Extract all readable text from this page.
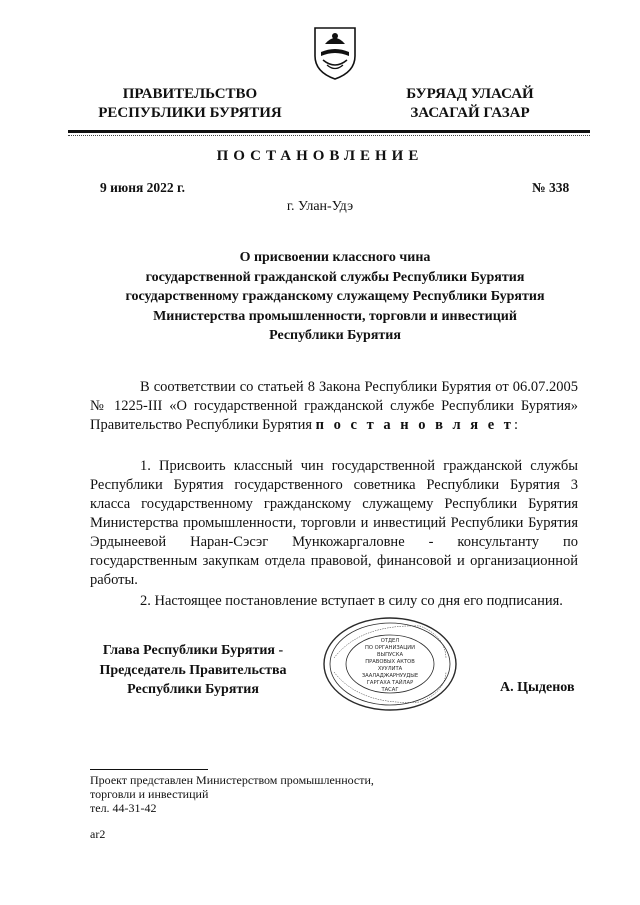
ПРАВИТЕЛЬСТВО
РЕСПУБЛИКИ БУРЯТИЯ
БУРЯАД УЛАСАЙ
ЗАСАГАЙ ГАЗАР
ПОСТАНОВЛЕНИЕ
9 июня 2022 г.	№ 338
г. Улан-Удэ
О присвоении классного чина
государственной гражданской службы Республики Бурятия
государственному гражданскому служащему Республики Бурятия
Министерства промышленности, торговли и инвестиций
Республики Бурятия
В соответствии со статьей 8 Закона Республики Бурятия от 06.07.2005 № 1225-III «О государственной гражданской службе Республики Бурятия» Правительство Республики Бурятия п о с т а н о в л я е т:
1. Присвоить классный чин государственной гражданской службы Республики Бурятия государственного советника Республики Бурятия 3 класса государственному гражданскому служащему Республики Бурятия Министерства промышленности, торговли и инвестиций Республики Бурятия Эрдынеевой Наран-Сэсэг Мункожаргаловне - консультанту по государственным закупкам отдела правовой, финансовой и организационной работы.
2. Настоящее постановление вступает в силу со дня его подписания.
Глава Республики Бурятия -
Председатель Правительства
Республики Бурятия
ОТДЕЛ
ПО ОРГАНИЗАЦИИ
ВЫПУСКА
ПРАВОВЫХ АКТОВ
ХУУЛИТА
ЗААЛАДЖАРНУУДЫЕ
ГАРГАХА ТАЙЛАР
ТАСАГ	А. Цыденов
Проект представлен Министерством промышленности,
торговли и инвестиций
тел. 44-31-42
ar2
